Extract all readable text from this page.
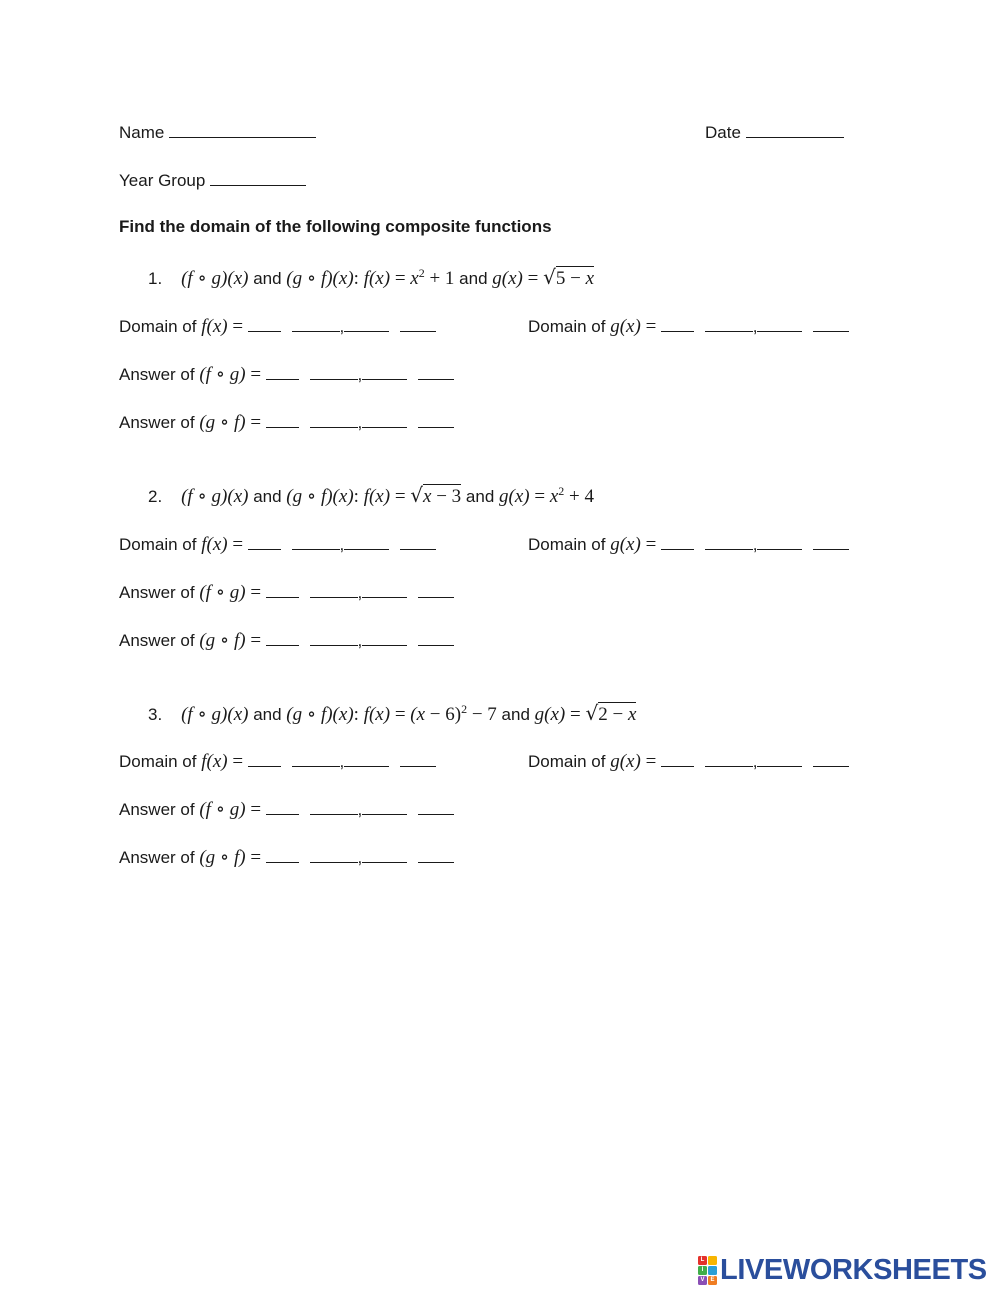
Name	Date
Year Group
Find the domain of the following composite functions
1. (f ∘ g)(x) and (g ∘ f)(x): $f(x) = x^2 + 1$ and g(x) = √5 − x
Domain of f(x) =	,	Domain of g(x) =	,
Answer of (f ∘ g) =	,
Answer of (g ∘ f) =	,
2. (f ∘ g)(x) and (g ∘ f)(x): f(x) = √x − 3 and $g(x) = x^2 + 4$
Domain of f(x) =	,	Domain of g(x) =	,
Answer of (f ∘ g) =	,
Answer of (g ∘ f) =	,
3. (f ∘ g)(x) and (g ∘ f)(x): $f(x) = (x - 6)^2 - 7$ and g(x) = √2 − x
Domain of f(x) =	,	Domain of g(x) =	,
Answer of (f ∘ g) =	,
Answer of (g ∘ f) =	,
L
I
V E LIVEWORKSHEETS
